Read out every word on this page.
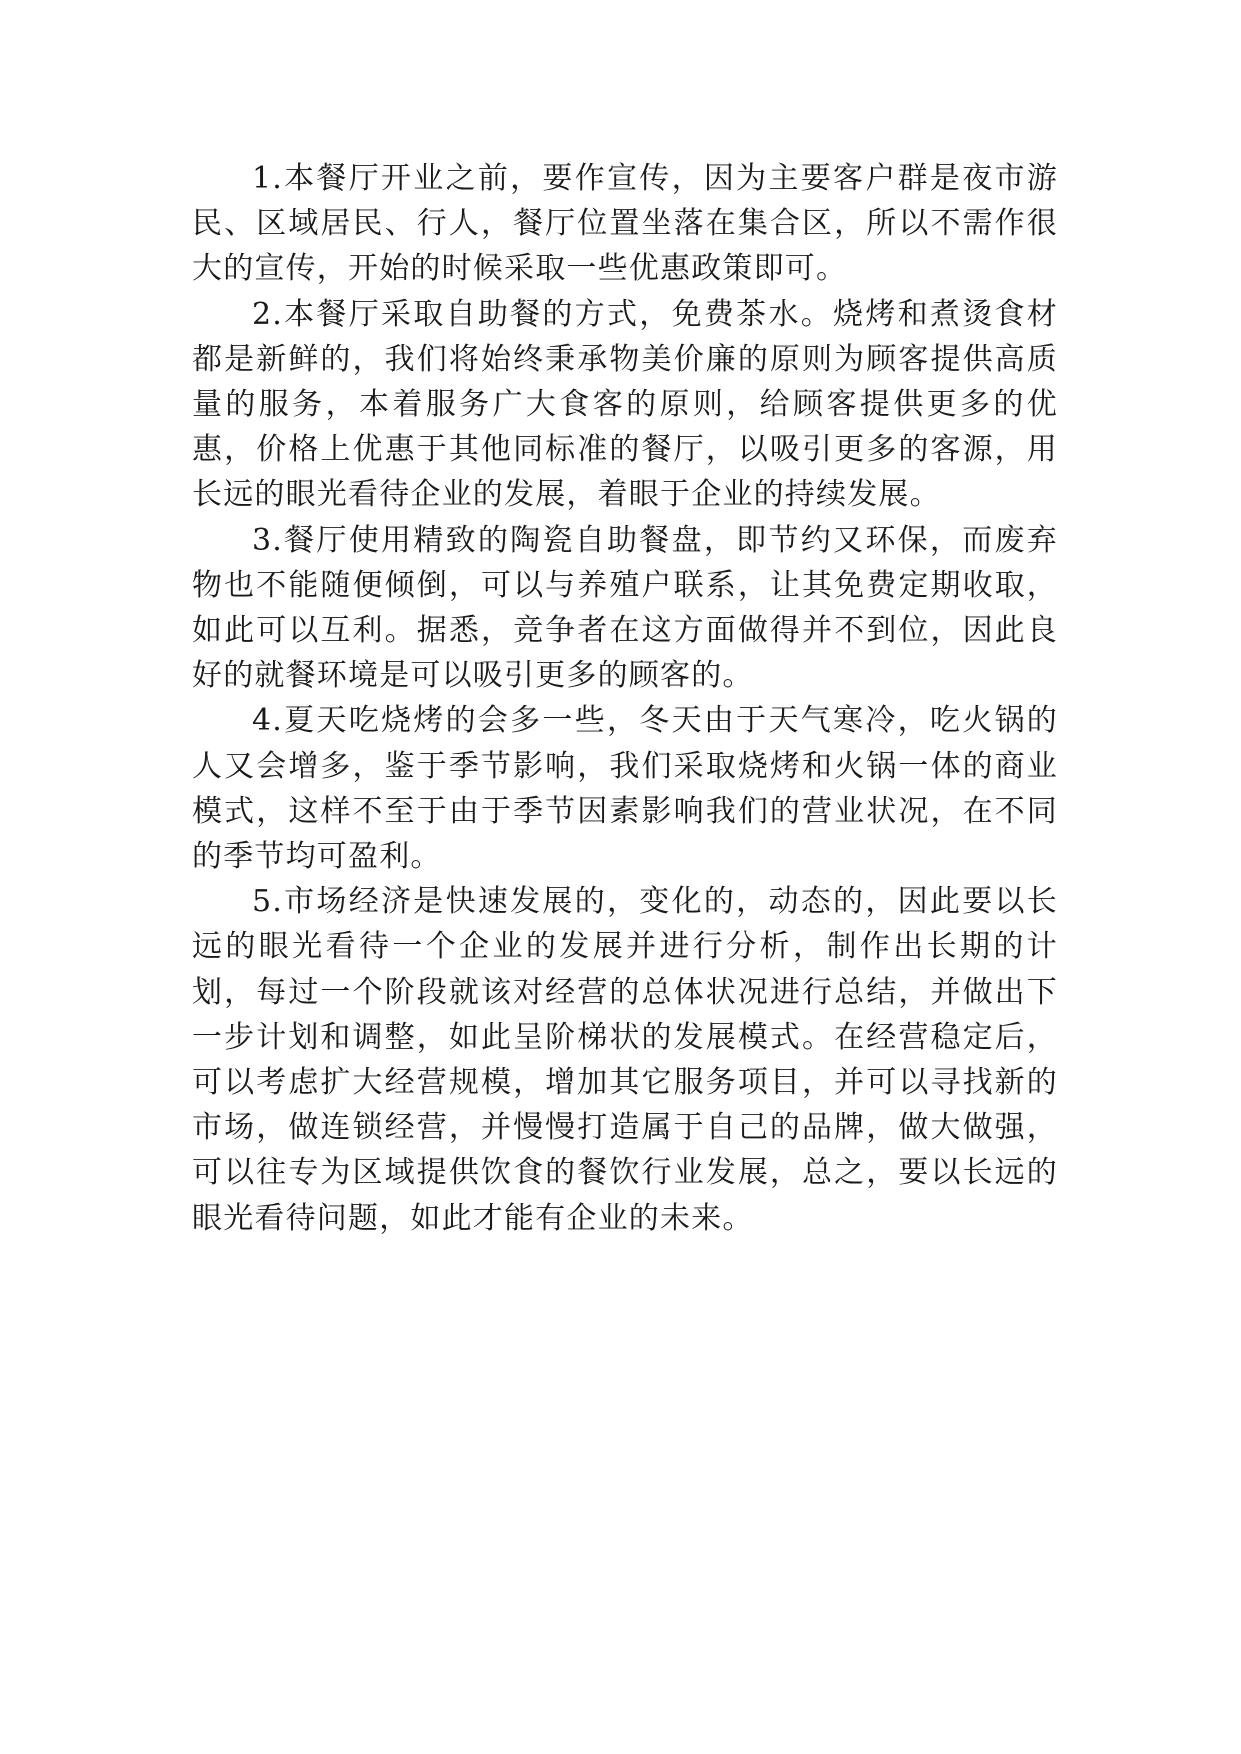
1.本餐厅开业之前，要作宣传，因为主要客户群是夜市游民、区域居民、行人，餐厅位置坐落在集合区，所以不需作很大的宣传，开始的时候采取一些优惠政策即可。

2.本餐厅采取自助餐的方式，免费茶水。烧烤和煮烫食材都是新鲜的，我们将始终秉承物美价廉的原则为顾客提供高质量的服务，本着服务广大食客的原则，给顾客提供更多的优惠，价格上优惠于其他同标准的餐厅，以吸引更多的客源，用长远的眼光看待企业的发展，着眼于企业的持续发展。

3.餐厅使用精致的陶瓷自助餐盘，即节约又环保，而废弃物也不能随便倾倒，可以与养殖户联系，让其免费定期收取，如此可以互利。据悉，竞争者在这方面做得并不到位，因此良好的就餐环境是可以吸引更多的顾客的。

4.夏天吃烧烤的会多一些，冬天由于天气寒冷，吃火锅的人又会增多，鉴于季节影响，我们采取烧烤和火锅一体的商业模式，这样不至于由于季节因素影响我们的营业状况，在不同的季节均可盈利。

5.市场经济是快速发展的，变化的，动态的，因此要以长远的眼光看待一个企业的发展并进行分析，制作出长期的计划，每过一个阶段就该对经营的总体状况进行总结，并做出下一步计划和调整，如此呈阶梯状的发展模式。在经营稳定后，可以考虑扩大经营规模，增加其它服务项目，并可以寻找新的市场，做连锁经营，并慢慢打造属于自己的品牌，做大做强，可以往专为区域提供饮食的餐饮行业发展，总之，要以长远的眼光看待问题，如此才能有企业的未来。
